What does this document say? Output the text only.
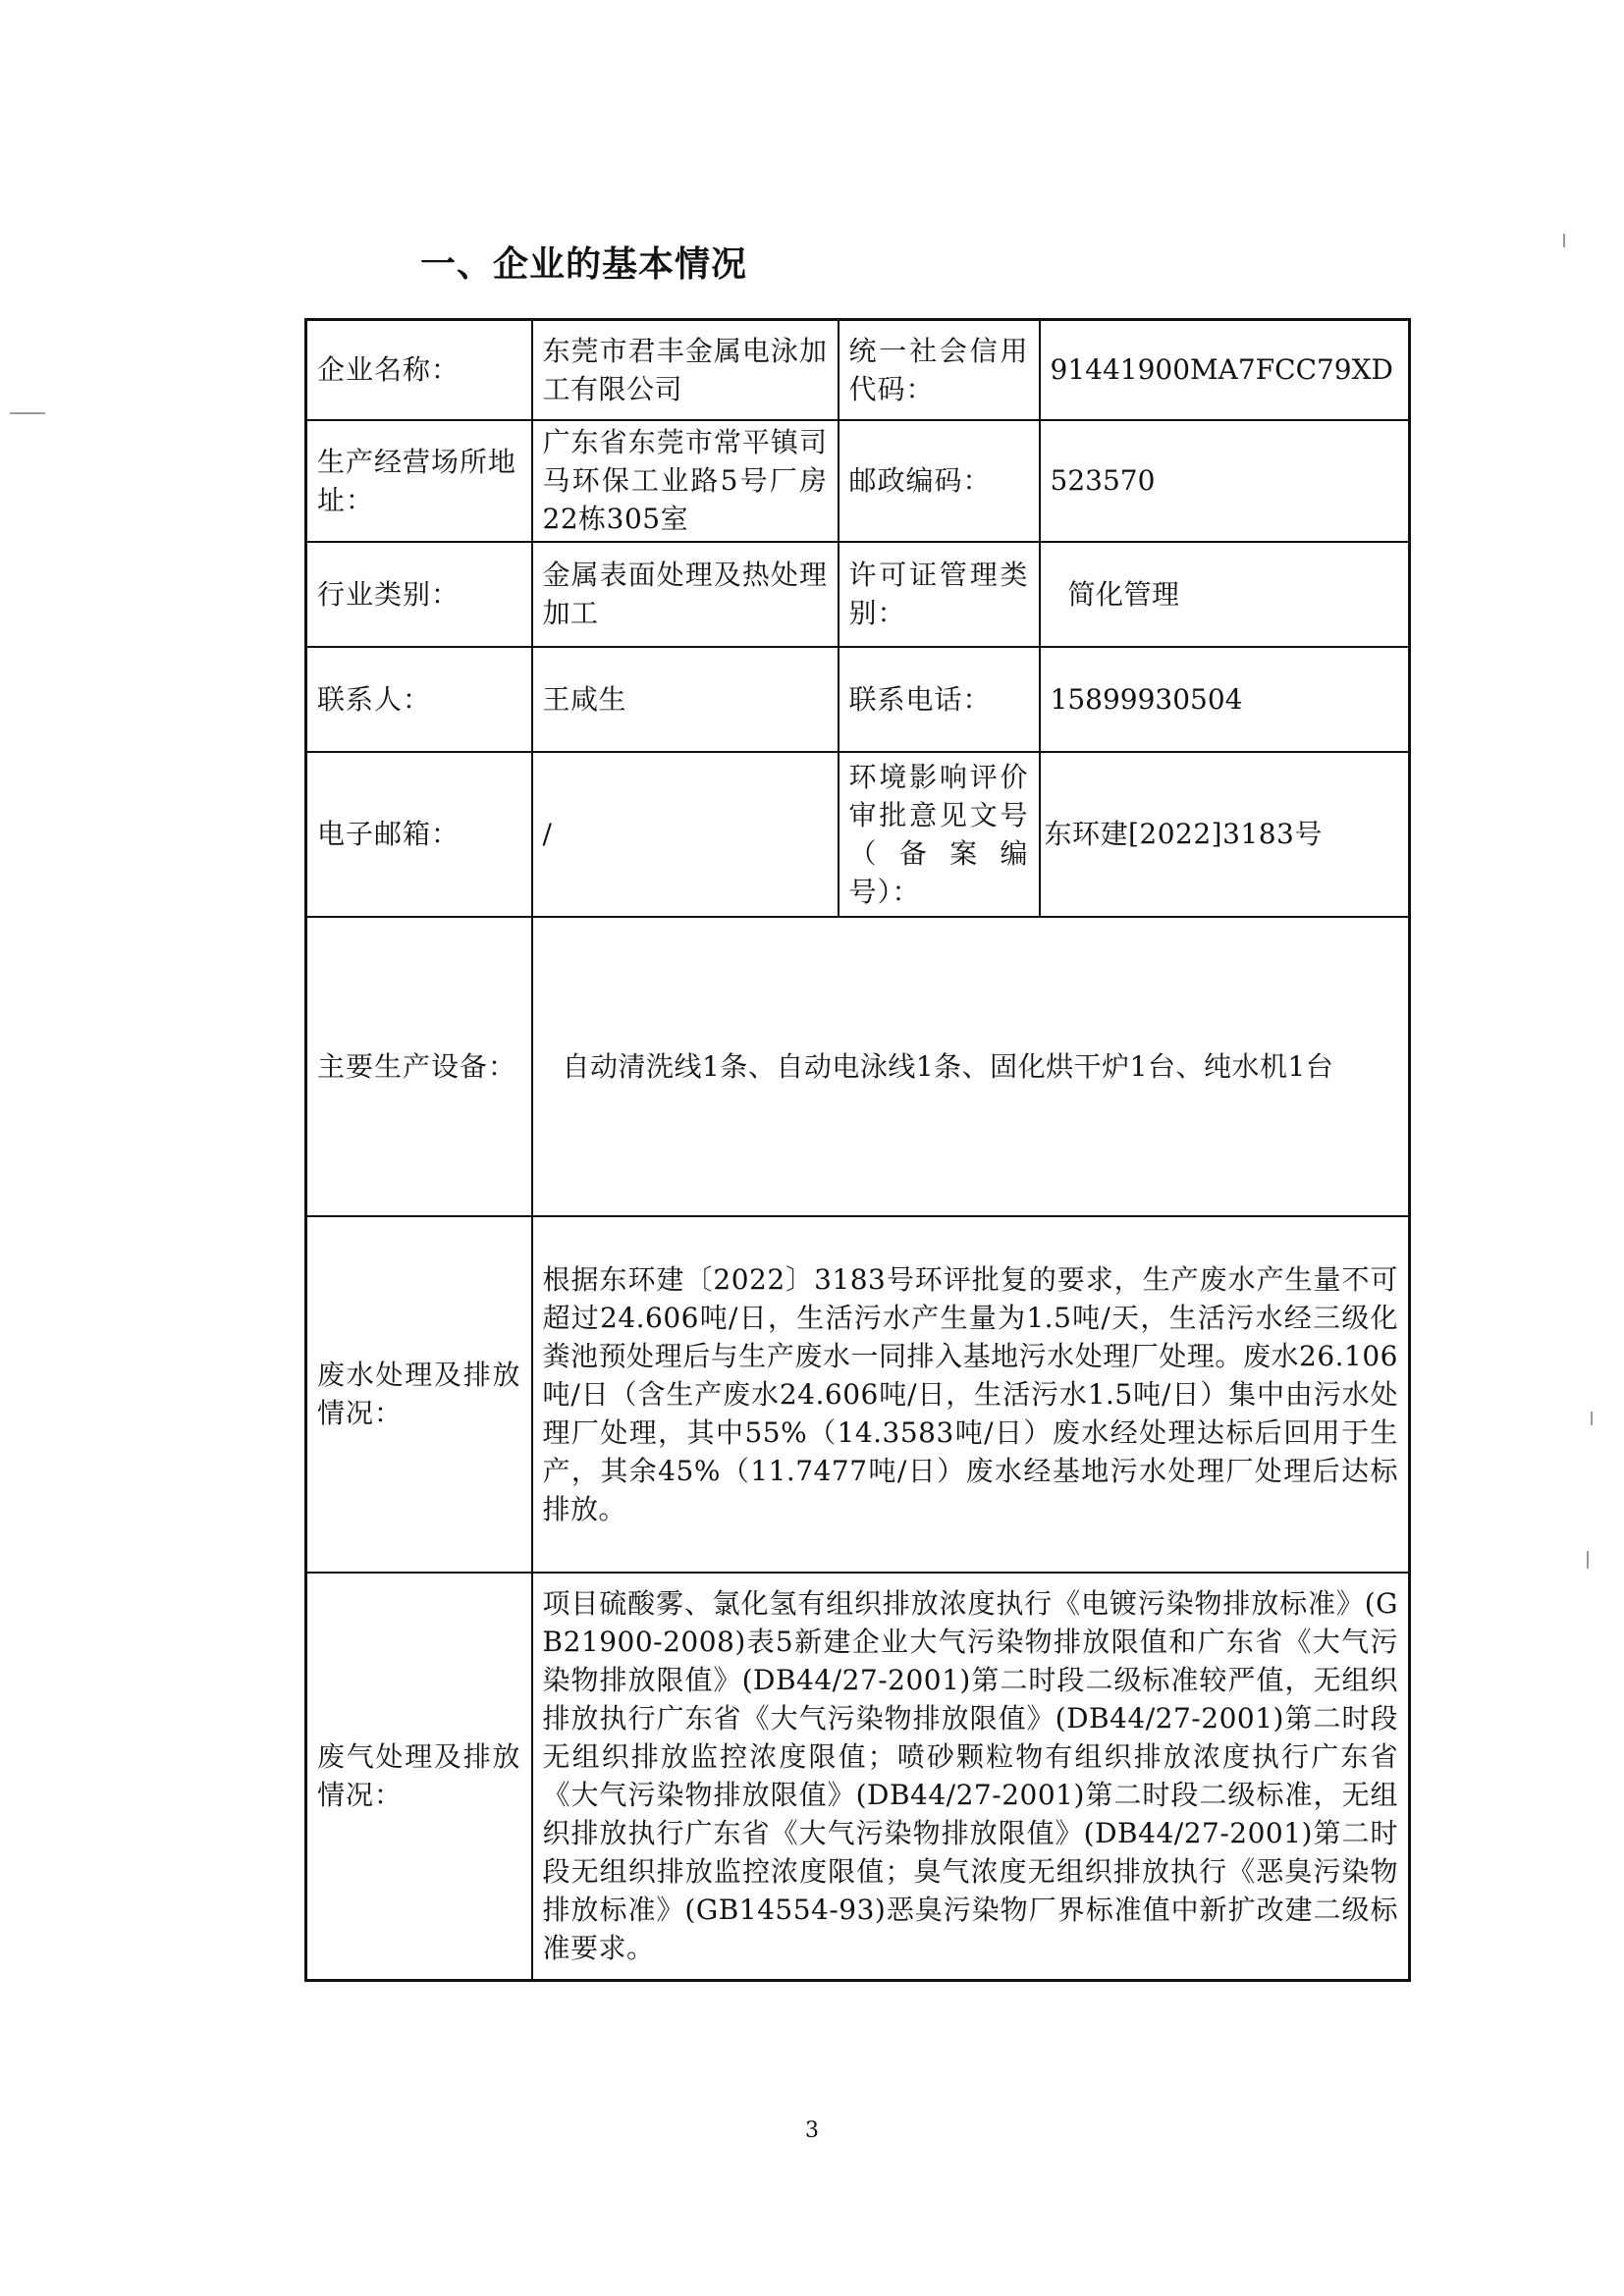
一、企业的基本情况
企业名称：	东莞市君丰金属电泳加工有限公司	统一社会信用代码：	91441900MA7FCC79XD
生产经营场所地址：	广东省东莞市常平镇司马环保工业路5号厂房22栋305室	邮政编码：	523570
行业类别：	金属表面处理及热处理加工	许可证管理类别：	简化管理
联系人：	王咸生	联系电话：	15899930504
电子邮箱：	/	环境影响评价审批意见文号（备案编号）：	东环建[2022]3183号
主要生产设备：	自动清洗线1条、自动电泳线1条、固化烘干炉1台、纯水机1台		
废水处理及排放情况：	根据东环建〔2022〕3183号环评批复的要求，生产废水产生量不可超过24.606吨/日，生活污水产生量为1.5吨/天，生活污水经三级化粪池预处理后与生产废水一同排入基地污水处理厂处理。废水26.106吨/日（含生产废水24.606吨/日，生活污水1.5吨/日）集中由污水处理厂处理，其中55%（14.3583吨/日）废水经处理达标后回用于生产，其余45%（11.7477吨/日）废水经基地污水处理厂处理后达标排放。		
废气处理及排放情况：	项目硫酸雾、氯化氢有组织排放浓度执行《电镀污染物排放标准》(GB21900-2008)表5新建企业大气污染物排放限值和广东省《大气污染物排放限值》(DB44/27-2001)第二时段二级标准较严值，无组织排放执行广东省《大气污染物排放限值》(DB44/27-2001)第二时段无组织排放监控浓度限值；喷砂颗粒物有组织排放浓度执行广东省《大气污染物排放限值》(DB44/27-2001)第二时段二级标准，无组织排放执行广东省《大气污染物排放限值》(DB44/27-2001)第二时段无组织排放监控浓度限值；臭气浓度无组织排放执行《恶臭污染物排放标准》(GB14554-93)恶臭污染物厂界标准值中新扩改建二级标准要求。		
3
